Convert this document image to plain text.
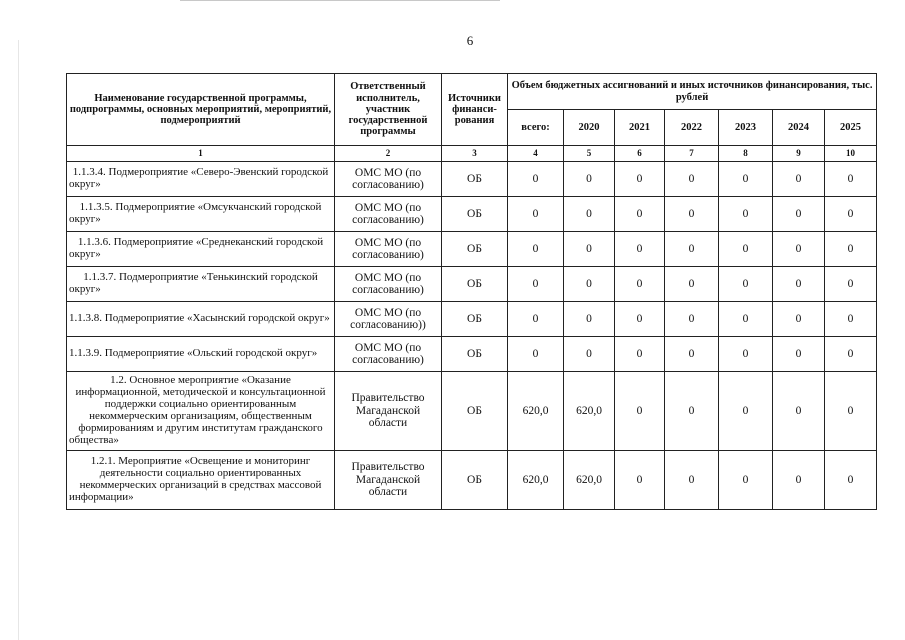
6
Наименование государственной программы, подпрограммы, основных мероприятий, мероприятий, подмероприятий	Ответственный исполнитель, участник государственной программы	Источники финанси-рования	Объем бюджетных ассигнований и иных источников финансирования, тыс. рублей						
			всего:	2020	2021	2022	2023	2024	2025
1	2	3	4	5	6	7	8	9	10
1.1.3.4. Подмероприятие «Северо-Эвенский городской округ»	ОМС МО (по согласованию)	ОБ	0	0	0	0	0	0	0
1.1.3.5. Подмероприятие «Омсукчанский городской округ»	ОМС МО (по согласованию)	ОБ	0	0	0	0	0	0	0
1.1.3.6. Подмероприятие «Среднеканский городской округ»	ОМС МО (по согласованию)	ОБ	0	0	0	0	0	0	0
1.1.3.7. Подмероприятие «Тенькинский городской округ»	ОМС МО (по согласованию)	ОБ	0	0	0	0	0	0	0
1.1.3.8. Подмероприятие «Хасынский городской округ»	ОМС МО (по согласованию))	ОБ	0	0	0	0	0	0	0
1.1.3.9. Подмероприятие «Ольский городской округ»	ОМС МО (по согласованию)	ОБ	0	0	0	0	0	0	0
1.2. Основное мероприятие «Оказание информационной, методической и консультационной поддержки социально ориентированным некоммерческим организациям, общественным формированиям и другим институтам гражданского общества»	Правительство Магаданской области	ОБ	620,0	620,0	0	0	0	0	0
1.2.1. Мероприятие «Освещение и мониторинг деятельности социально ориентированных некоммерческих организаций в средствах массовой информации»	Правительство Магаданской области	ОБ	620,0	620,0	0	0	0	0	0
